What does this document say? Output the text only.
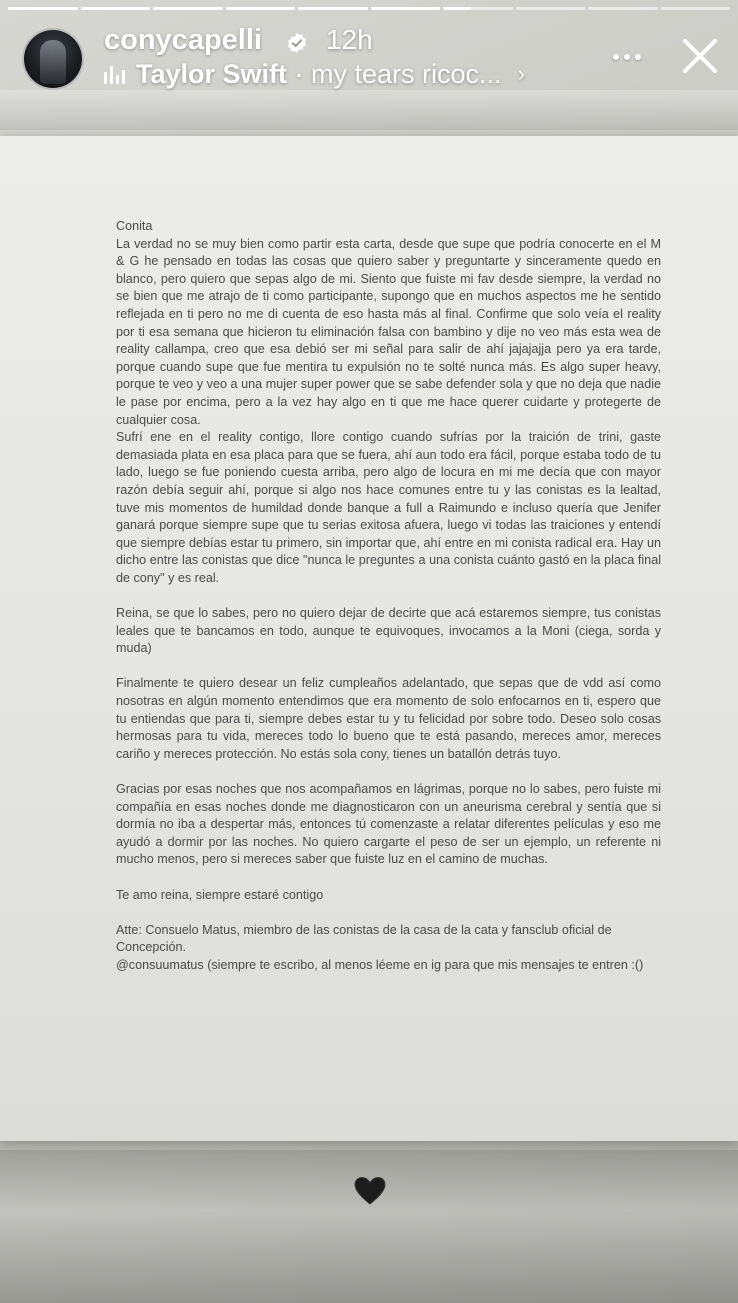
conycapelli 12h
Taylor Swift · my tears ricoc... ›

Conita

La verdad no se muy bien como partir esta carta, desde que supe que podría conocerte en el M & G he pensado en todas las cosas que quiero saber y preguntarte y sinceramente quedo en blanco, pero quiero que sepas algo de mi. Siento que fuiste mi fav desde siempre, la verdad no se bien que me atrajo de ti como participante, supongo que en muchos aspectos me he sentido reflejada en ti pero no me di cuenta de eso hasta más al final. Confirme que solo veía el reality por ti esa semana que hicieron tu eliminación falsa con bambino y dije no veo más esta wea de reality callampa, creo que esa debió ser mi señal para salir de ahí jajajajja pero ya era tarde, porque cuando supe que fue mentira tu expulsión no te solté nunca más. Es algo super heavy, porque te veo y veo a una mujer super power que se sabe defender sola y que no deja que nadie le pase por encima, pero a la vez hay algo en ti que me hace querer cuidarte y protegerte de cualquier cosa.

Sufrí ene en el reality contigo, llore contigo cuando sufrías por la traición de trini, gaste demasiada plata en esa placa para que se fuera, ahí aun todo era fácil, porque estaba todo de tu lado, luego se fue poniendo cuesta arriba, pero algo de locura en mi me decía que con mayor razón debía seguir ahí, porque si algo nos hace comunes entre tu y las conistas es la lealtad, tuve mis momentos de humildad donde banque a full a Raimundo e incluso quería que Jenifer ganará porque siempre supe que tu serias exitosa afuera, luego vi todas las traiciones y entendí que siempre debías estar tu primero, sin importar que, ahí entre en mi conista radical era. Hay un dicho entre las conistas que dice "nunca le preguntes a una conista cuánto gastó en la placa final de cony" y es real.

Reina, se que lo sabes, pero no quiero dejar de decirte que acá estaremos siempre, tus conistas leales que te bancamos en todo, aunque te equivoques, invocamos a la Moni (ciega, sorda y muda)

Finalmente te quiero desear un feliz cumpleaños adelantado, que sepas que de vdd así como nosotras en algún momento entendimos que era momento de solo enfocarnos en ti, espero que tu entiendas que para ti, siempre debes estar tu y tu felicidad por sobre todo. Deseo solo cosas hermosas para tu vida, mereces todo lo bueno que te está pasando, mereces amor, mereces cariño y mereces protección. No estás sola cony, tienes un batallón detrás tuyo.

Gracias por esas noches que nos acompañamos en lágrimas, porque no lo sabes, pero fuiste mi compañía en esas noches donde me diagnosticaron con un aneurisma cerebral y sentía que si dormía no iba a despertar más, entonces tú comenzaste a relatar diferentes películas y eso me ayudó a dormir por las noches. No quiero cargarte el peso de ser un ejemplo, un referente ni mucho menos, pero si mereces saber que fuiste luz en el camino de muchas.

Te amo reina, siempre estaré contigo

Atte: Consuelo Matus, miembro de las conistas de la casa de la cata y fansclub oficial de Concepción.

@consuumatus (siempre te escribo, al menos léeme en ig para que mis mensajes te entren :()
